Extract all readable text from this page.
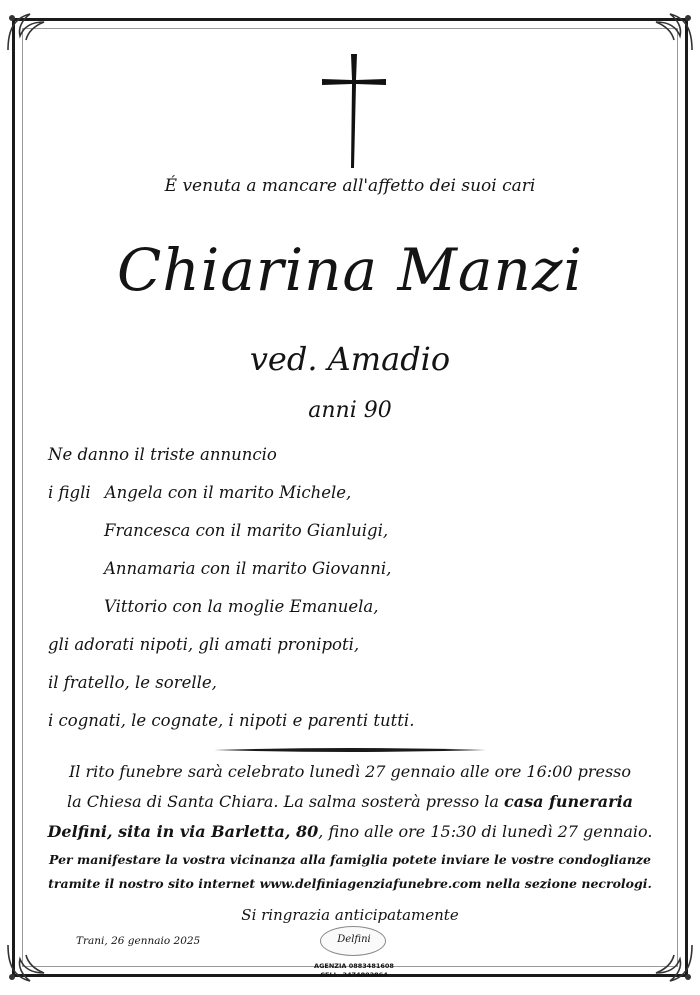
É venuta a mancare all'affetto dei suoi cari
Chiarina Manzi
ved. Amadio
anni 90
Ne danno il triste annuncio
i figli Angela con il marito Michele,
Francesca con il marito Gianluigi,
Annamaria con il marito Giovanni,
Vittorio con la moglie Emanuela,
gli adorati nipoti, gli amati pronipoti,
il fratello, le sorelle,
i cognati, le cognate, i nipoti e parenti tutti.
Il rito funebre sarà celebrato lunedì 27 gennaio alle ore 16:00 presso
la Chiesa di Santa Chiara. La salma sosterà presso la casa funeraria
Delfini, sita in via Barletta, 80, fino alle ore 15:30 di lunedì 27 gennaio.
Per manifestare la vostra vicinanza alla famiglia potete inviare le vostre condoglianze
tramite il nostro sito internet www.delfiniagenziafunebre.com nella sezione necrologi.
Si ringrazia anticipatamente
Trani, 26 gennaio 2025	Delfini
AGENZIA 0883481608
CELL. 3474803864
